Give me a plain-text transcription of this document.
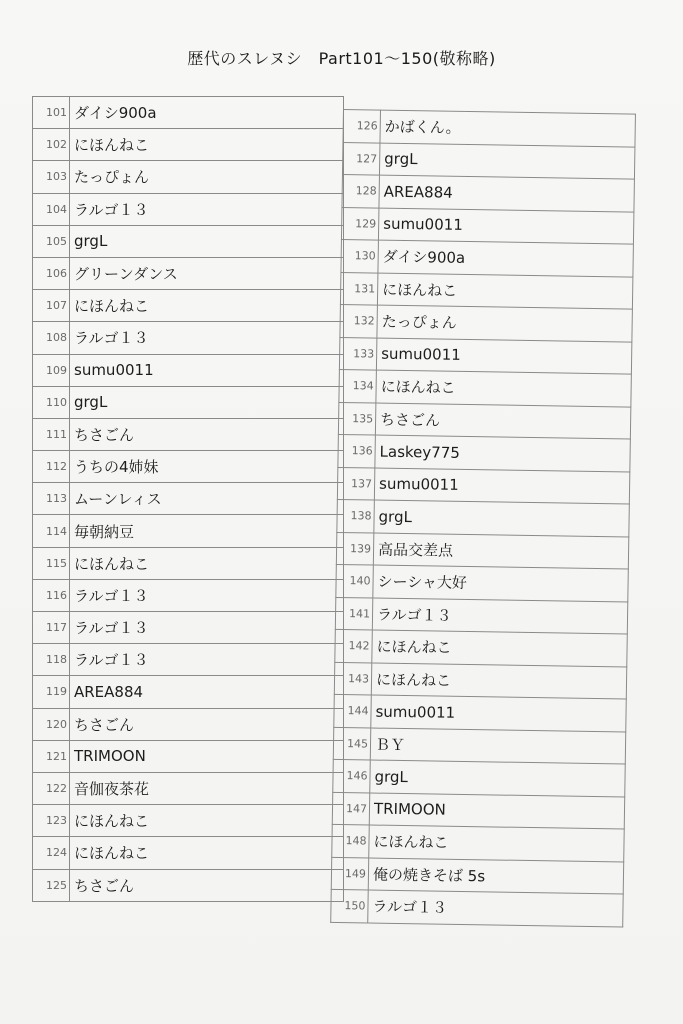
歴代のスレヌシ　Part101～150(敬称略)
101	ダイシ900a
102	にほんねこ
103	たっぴょん
104	ラルゴ１３
105	grgL
106	グリーンダンス
107	にほんねこ
108	ラルゴ１３
109	sumu0011
110	grgL
111	ちさごん
112	うちの4姉妹
113	ムーンレィス
114	毎朝納豆
115	にほんねこ
116	ラルゴ１３
117	ラルゴ１３
118	ラルゴ１３
119	AREA884
120	ちさごん
121	TRIMOON
122	音伽夜茶花
123	にほんねこ
124	にほんねこ
125	ちさごん
126	かばくん。
127	grgL
128	AREA884
129	sumu0011
130	ダイシ900a
131	にほんねこ
132	たっぴょん
133	sumu0011
134	にほんねこ
135	ちさごん
136	Laskey775
137	sumu0011
138	grgL
139	高品交差点
140	シーシャ大好
141	ラルゴ１３
142	にほんねこ
143	にほんねこ
144	sumu0011
145	ＢＹ
146	grgL
147	TRIMOON
148	にほんねこ
149	俺の焼きそば 5s
150	ラルゴ１３
